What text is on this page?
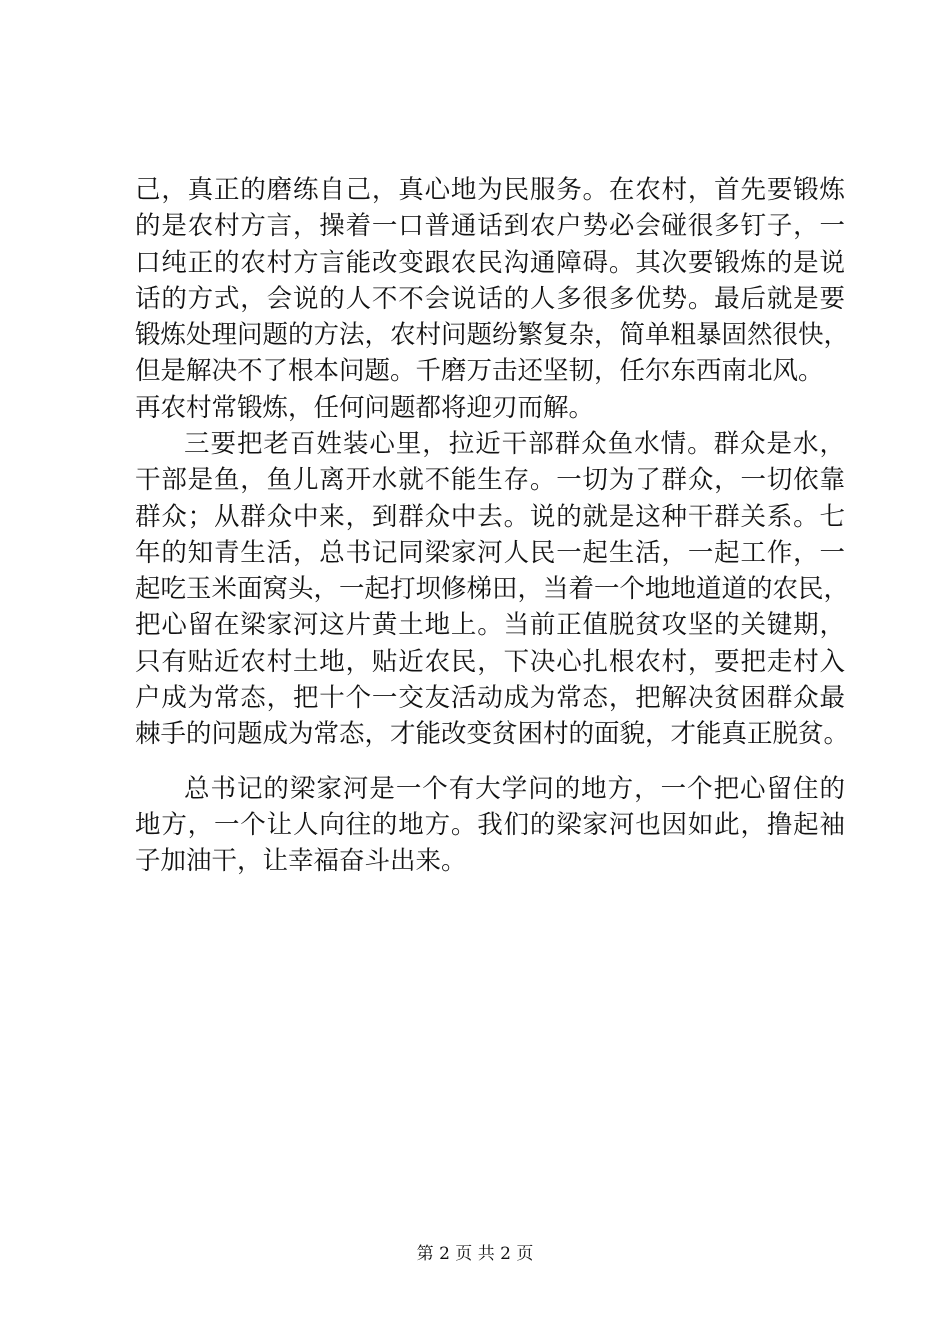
己，真正的磨练自己，真心地为民服务。在农村，首先要锻炼
的是农村方言，操着一口普通话到农户势必会碰很多钉子，一
口纯正的农村方言能改变跟农民沟通障碍。其次要锻炼的是说
话的方式，会说的人不不会说话的人多很多优势。最后就是要
锻炼处理问题的方法，农村问题纷繁复杂，简单粗暴固然很快，
但是解决不了根本问题。千磨万击还坚韧，任尔东西南北风。
再农村常锻炼，任何问题都将迎刃而解。
三要把老百姓装心里，拉近干部群众鱼水情。群众是水，
干部是鱼，鱼儿离开水就不能生存。一切为了群众，一切依靠
群众；从群众中来，到群众中去。说的就是这种干群关系。七
年的知青生活，总书记同梁家河人民一起生活，一起工作，一
起吃玉米面窝头，一起打坝修梯田，当着一个地地道道的农民，
把心留在梁家河这片黄土地上。当前正值脱贫攻坚的关键期，
只有贴近农村土地，贴近农民，下决心扎根农村，要把走村入
户成为常态，把十个一交友活动成为常态，把解决贫困群众最
棘手的问题成为常态，才能改变贫困村的面貌，才能真正脱贫。
总书记的梁家河是一个有大学问的地方，一个把心留住的
地方，一个让人向往的地方。我们的梁家河也因如此，撸起袖
子加油干，让幸福奋斗出来。
第 2 页 共 2 页
